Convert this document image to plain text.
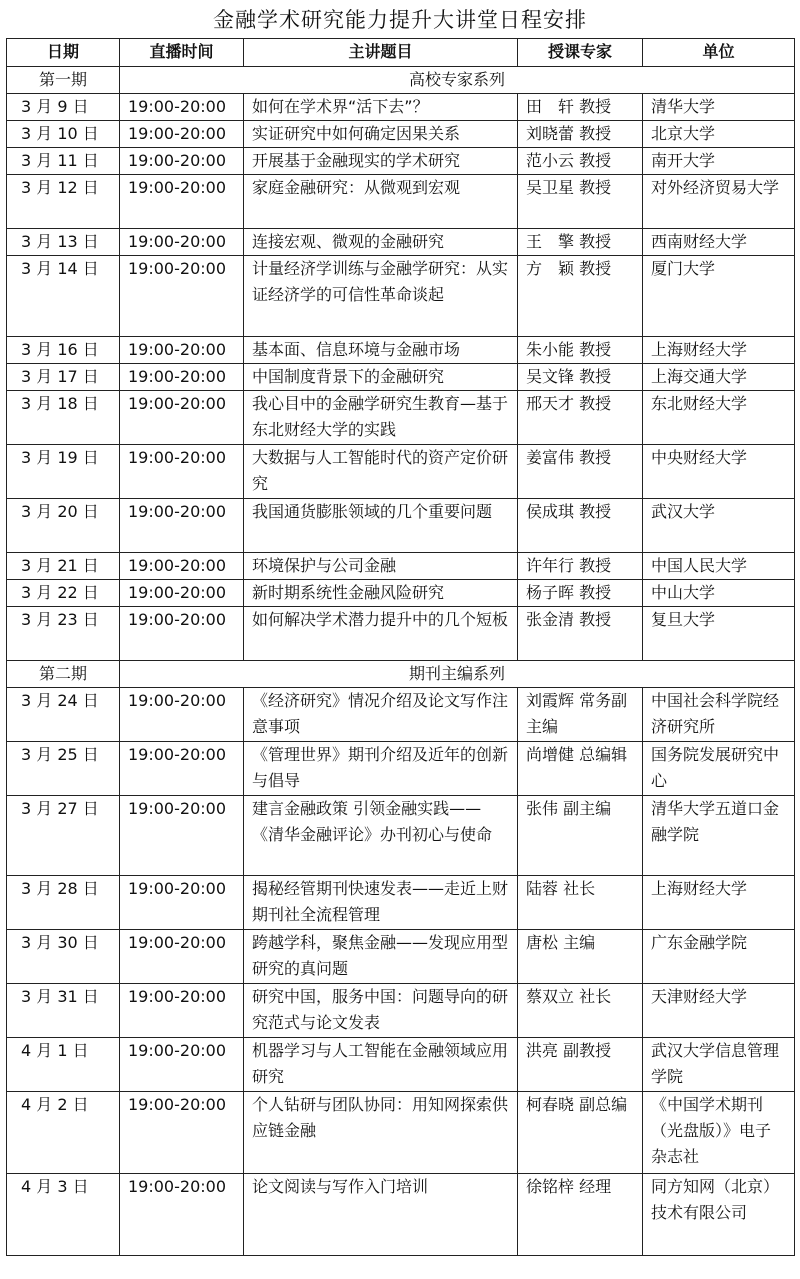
金融学术研究能力提升大讲堂日程安排
日期	直播时间	主讲题目	授课专家	单位
第一期	高校专家系列			
3 月 9 日	19:00-20:00	如何在学术界“活下去”？	田　轩 教授	清华大学
3 月 10 日	19:00-20:00	实证研究中如何确定因果关系	刘晓蕾 教授	北京大学
3 月 11 日	19:00-20:00	开展基于金融现实的学术研究	范小云 教授	南开大学
3 月 12 日	19:00-20:00	家庭金融研究：从微观到宏观	吴卫星 教授	对外经济贸易大学
3 月 13 日	19:00-20:00	连接宏观、微观的金融研究	王　擎 教授	西南财经大学
3 月 14 日	19:00-20:00	计量经济学训练与金融学研究：从实证经济学的可信性革命谈起	方　颖 教授	厦门大学
3 月 16 日	19:00-20:00	基本面、信息环境与金融市场	朱小能 教授	上海财经大学
3 月 17 日	19:00-20:00	中国制度背景下的金融研究	吴文锋 教授	上海交通大学
3 月 18 日	19:00-20:00	我心目中的金融学研究生教育—基于东北财经大学的实践	邢天才 教授	东北财经大学
3 月 19 日	19:00-20:00	大数据与人工智能时代的资产定价研究	姜富伟 教授	中央财经大学
3 月 20 日	19:00-20:00	我国通货膨胀领域的几个重要问题	侯成琪 教授	武汉大学
3 月 21 日	19:00-20:00	环境保护与公司金融	许年行 教授	中国人民大学
3 月 22 日	19:00-20:00	新时期系统性金融风险研究	杨子晖 教授	中山大学
3 月 23 日	19:00-20:00	如何解决学术潜力提升中的几个短板	张金清 教授	复旦大学
第二期	期刊主编系列			
3 月 24 日	19:00-20:00	《经济研究》情况介绍及论文写作注意事项	刘霞辉 常务副主编	中国社会科学院经济研究所
3 月 25 日	19:00-20:00	《管理世界》期刊介绍及近年的创新与倡导	尚增健 总编辑	国务院发展研究中心
3 月 27 日	19:00-20:00	建言金融政策 引领金融实践——《清华金融评论》办刊初心与使命	张伟 副主编	清华大学五道口金融学院
3 月 28 日	19:00-20:00	揭秘经管期刊快速发表——走近上财期刊社全流程管理	陆蓉 社长	上海财经大学
3 月 30 日	19:00-20:00	跨越学科，聚焦金融——发现应用型研究的真问题	唐松 主编	广东金融学院
3 月 31 日	19:00-20:00	研究中国，服务中国：问题导向的研究范式与论文发表	蔡双立 社长	天津财经大学
4 月 1 日	19:00-20:00	机器学习与人工智能在金融领域应用研究	洪亮 副教授	武汉大学信息管理学院
4 月 2 日	19:00-20:00	个人钻研与团队协同：用知网探索供应链金融	柯春晓 副总编	《中国学术期刊（光盘版）》电子杂志社
4 月 3 日	19:00-20:00	论文阅读与写作入门培训	徐铭梓 经理	同方知网（北京）技术有限公司
